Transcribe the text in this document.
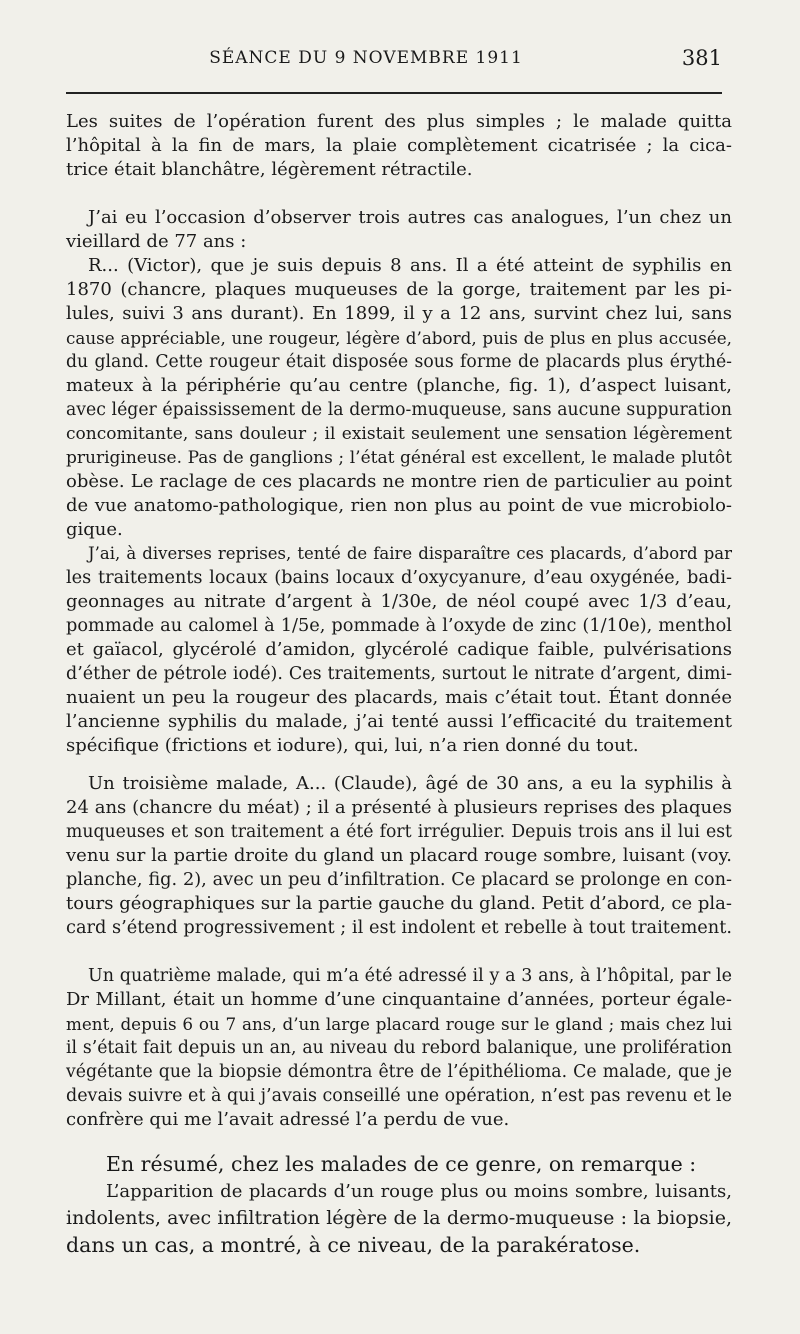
SÉANCE DU 9 NOVEMBRE 1911	381
Les suites de l’opération furent des plus simples ; le malade quitta
l’hôpital à la fin de mars, la plaie complètement cicatrisée ; la cica-
trice était blanchâtre, légèrement rétractile.
J’ai eu l’occasion d’observer trois autres cas analogues, l’un chez un
vieillard de 77 ans :
R... (Victor), que je suis depuis 8 ans. Il a été atteint de syphilis en
1870 (chancre, plaques muqueuses de la gorge, traitement par les pi-
lules, suivi 3 ans durant). En 1899, il y a 12 ans, survint chez lui, sans
cause appréciable, une rougeur, légère d’abord, puis de plus en plus accusée,
du gland. Cette rougeur était disposée sous forme de placards plus érythé-
mateux à la périphérie qu’au centre (planche, fig. 1), d’aspect luisant,
avec léger épaississement de la dermo-muqueuse, sans aucune suppuration
concomitante, sans douleur ; il existait seulement une sensation légèrement
prurigineuse. Pas de ganglions ; l’état général est excellent, le malade plutôt
obèse. Le raclage de ces placards ne montre rien de particulier au point
de vue anatomo-pathologique, rien non plus au point de vue microbiolo-
gique.
J’ai, à diverses reprises, tenté de faire disparaître ces placards, d’abord par
les traitements locaux (bains locaux d’oxycyanure, d’eau oxygénée, badi-
geonnages au nitrate d’argent à 1/30e, de néol coupé avec 1/3 d’eau,
pommade au calomel à 1/5e, pommade à l’oxyde de zinc (1/10e), menthol
et gaïacol, glycérolé d’amidon, glycérolé cadique faible, pulvérisations
d’éther de pétrole iodé). Ces traitements, surtout le nitrate d’argent, dimi-
nuaient un peu la rougeur des placards, mais c’était tout. Étant donnée
l’ancienne syphilis du malade, j’ai tenté aussi l’efficacité du traitement
spécifique (frictions et iodure), qui, lui, n’a rien donné du tout.
Un troisième malade, A... (Claude), âgé de 30 ans, a eu la syphilis à
24 ans (chancre du méat) ; il a présenté à plusieurs reprises des plaques
muqueuses et son traitement a été fort irrégulier. Depuis trois ans il lui est
venu sur la partie droite du gland un placard rouge sombre, luisant (voy.
planche, fig. 2), avec un peu d’infiltration. Ce placard se prolonge en con-
tours géographiques sur la partie gauche du gland. Petit d’abord, ce pla-
card s’étend progressivement ; il est indolent et rebelle à tout traitement.
Un quatrième malade, qui m’a été adressé il y a 3 ans, à l’hôpital, par le
Dr Millant, était un homme d’une cinquantaine d’années, porteur égale-
ment, depuis 6 ou 7 ans, d’un large placard rouge sur le gland ; mais chez lui
il s’était fait depuis un an, au niveau du rebord balanique, une prolifération
végétante que la biopsie démontra être de l’épithélioma. Ce malade, que je
devais suivre et à qui j’avais conseillé une opération, n’est pas revenu et le
confrère qui me l’avait adressé l’a perdu de vue.
En résumé, chez les malades de ce genre, on remarque :
L’apparition de placards d’un rouge plus ou moins sombre, luisants,
indolents, avec infiltration légère de la dermo-muqueuse : la biopsie,
dans un cas, a montré, à ce niveau, de la parakératose.
